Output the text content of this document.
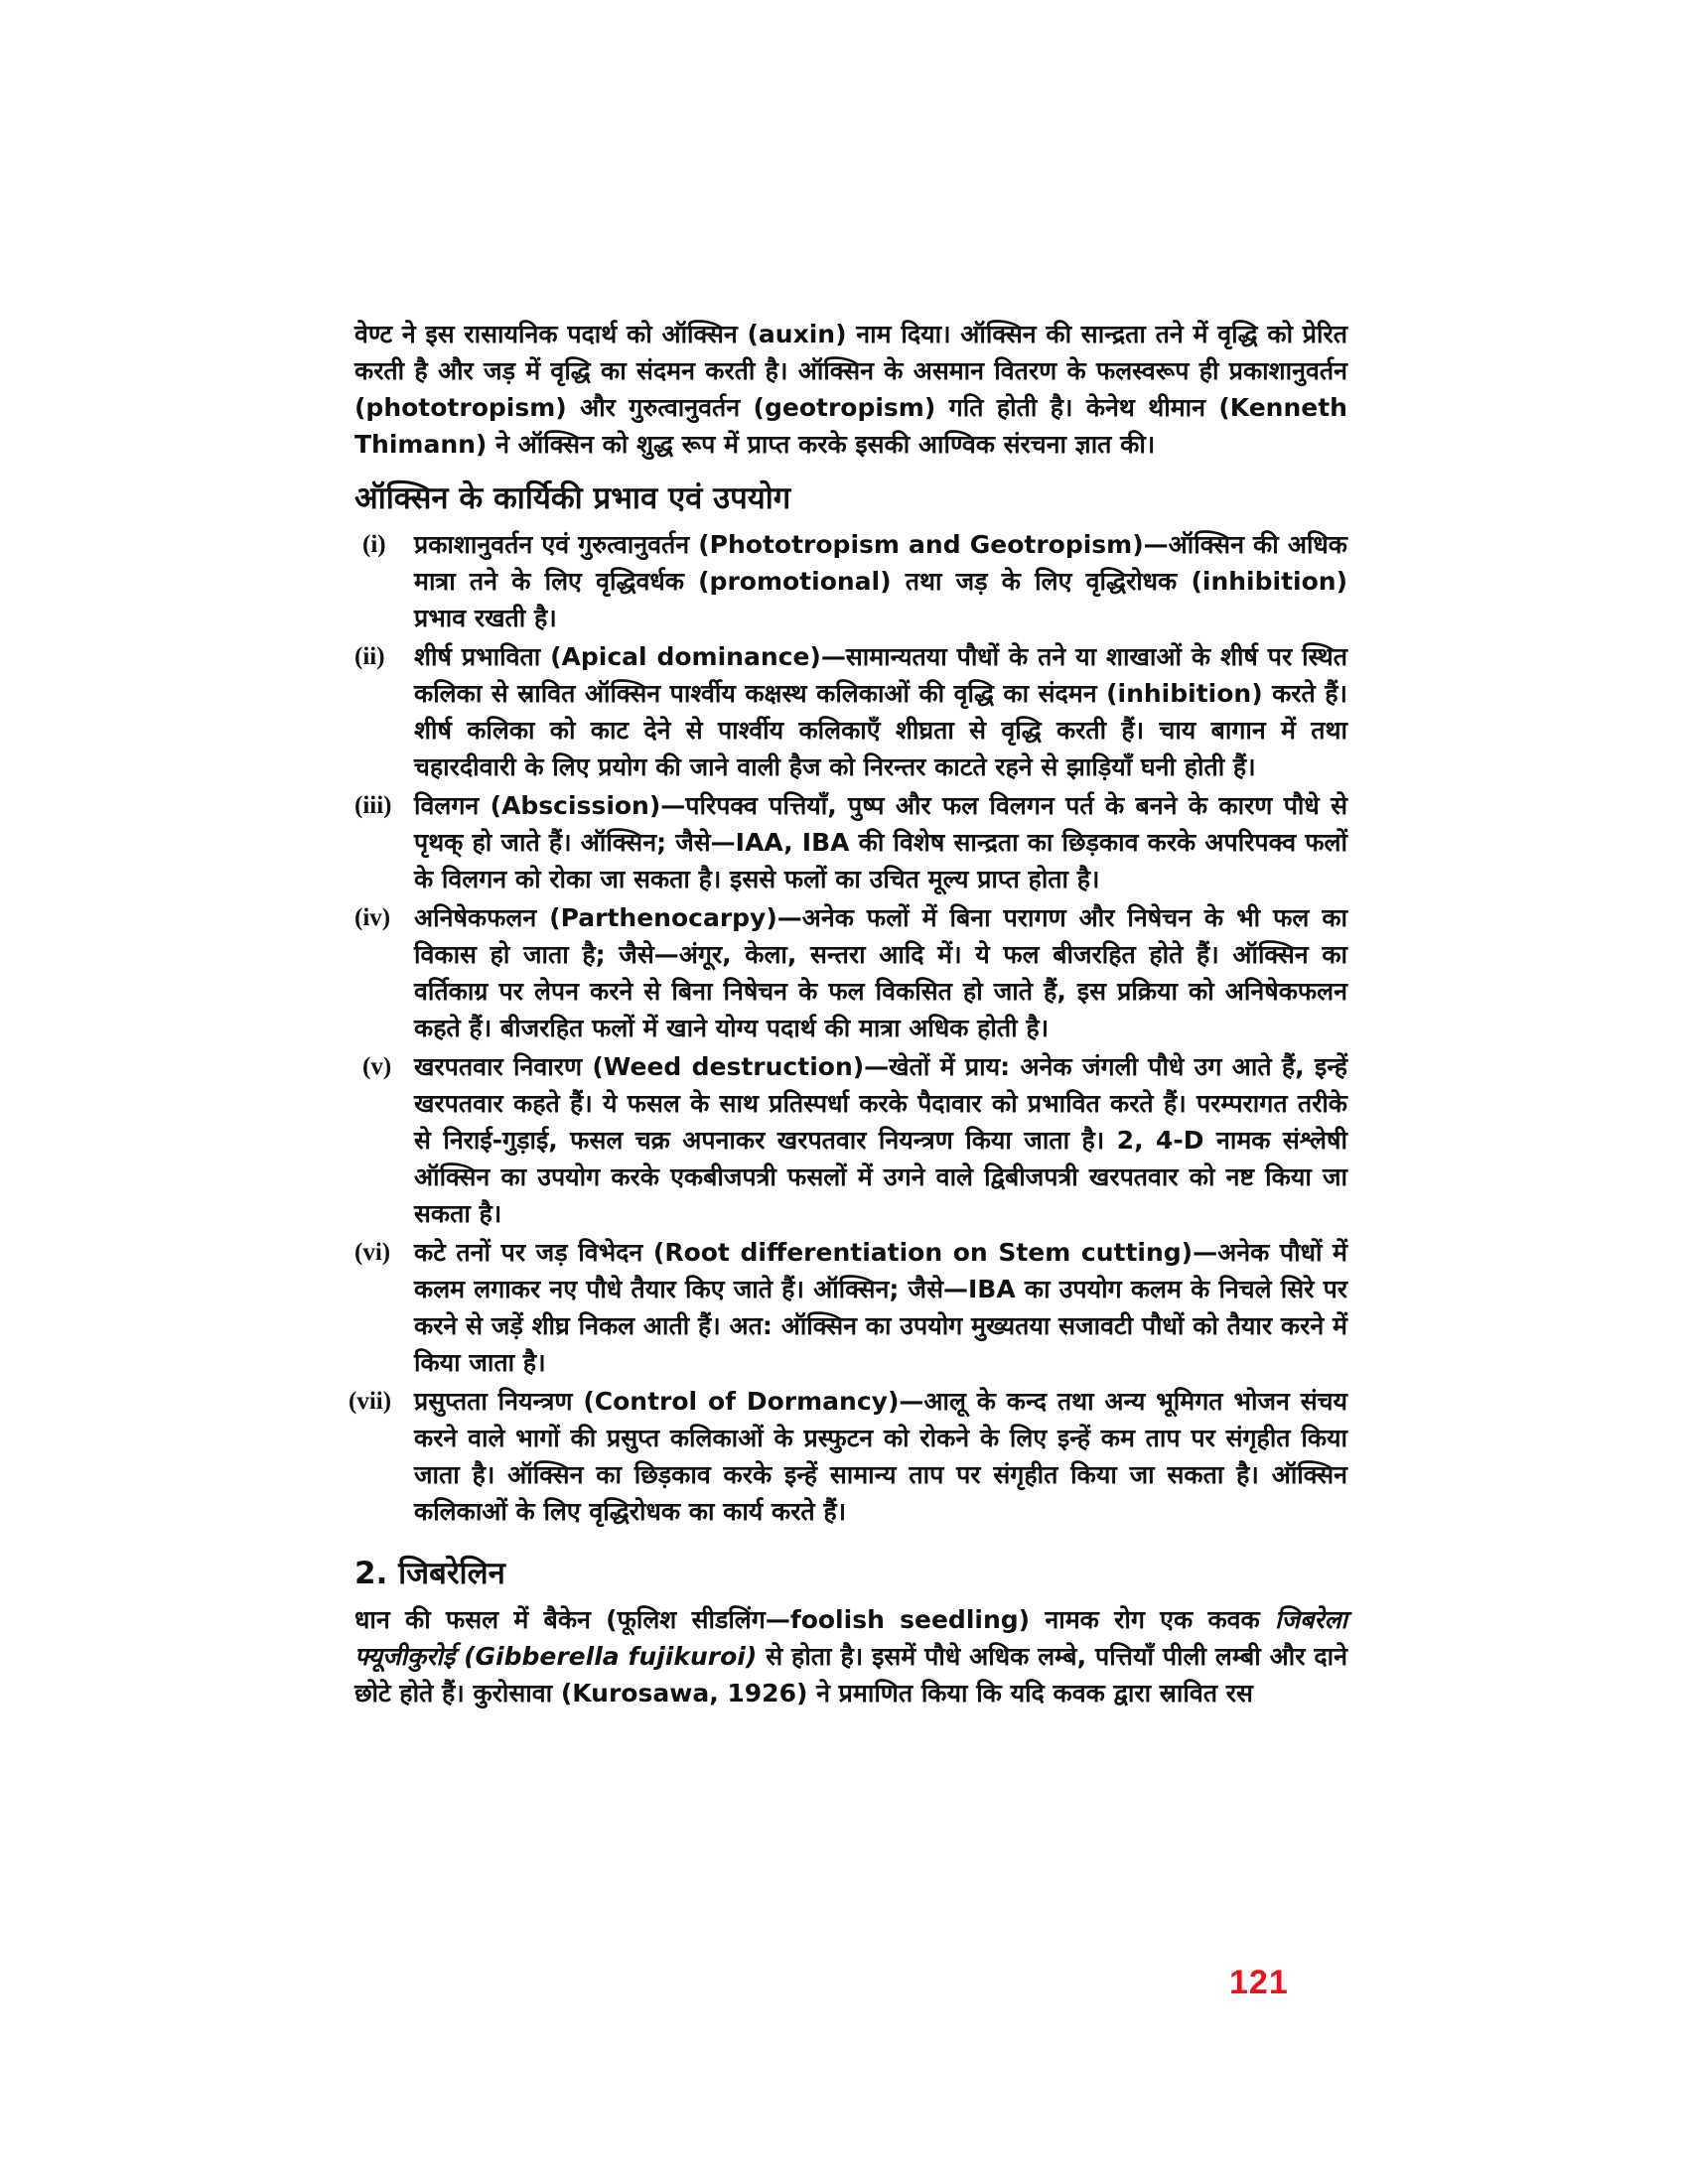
वेण्ट ने इस रासायनिक पदार्थ को ऑक्सिन (auxin) नाम दिया। ऑक्सिन की सान्द्रता तने में वृद्धि को प्रेरित करती है और जड़ में वृद्धि का संदमन करती है। ऑक्सिन के असमान वितरण के फलस्वरूप ही प्रकाशानुवर्तन (phototropism) और गुरुत्वानुवर्तन (geotropism) गति होती है। केनेथ थीमान (Kenneth Thimann) ने ऑक्सिन को शुद्ध रूप में प्राप्त करके इसकी आण्विक संरचना ज्ञात की।

ऑक्सिन के कार्यिकी प्रभाव एवं उपयोग
(i)	प्रकाशानुवर्तन एवं गुरुत्वानुवर्तन (Phototropism and Geotropism)—ऑक्सिन की अधिक मात्रा तने के लिए वृद्धिवर्धक (promotional) तथा जड़ के लिए वृद्धिरोधक (inhibition) प्रभाव रखती है।
(ii)	शीर्ष प्रभाविता (Apical dominance)—सामान्यतया पौधों के तने या शाखाओं के शीर्ष पर स्थित कलिका से स्रावित ऑक्सिन पार्श्वीय कक्षस्थ कलिकाओं की वृद्धि का संदमन (inhibition) करते हैं। शीर्ष कलिका को काट देने से पार्श्वीय कलिकाएँ शीघ्रता से वृद्धि करती हैं। चाय बागान में तथा चहारदीवारी के लिए प्रयोग की जाने वाली हैज को निरन्तर काटते रहने से झाड़ियाँ घनी होती हैं।
(iii) विलगन (Abscission)—परिपक्व पत्तियाँ, पुष्प और फल विलगन पर्त के बनने के कारण पौधे से पृथक् हो जाते हैं। ऑक्सिन; जैसे—IAA, IBA की विशेष सान्द्रता का छिड़काव करके अपरिपक्व फलों के विलगन को रोका जा सकता है। इससे फलों का उचित मूल्य प्राप्त होता है।
(iv) अनिषेकफलन (Parthenocarpy)—अनेक फलों में बिना परागण और निषेचन के भी फल का विकास हो जाता है; जैसे—अंगूर, केला, सन्तरा आदि में। ये फल बीजरहित होते हैं। ऑक्सिन का वर्तिकाग्र पर लेपन करने से बिना निषेचन के फल विकसित हो जाते हैं, इस प्रक्रिया को अनिषेकफलन कहते हैं। बीजरहित फलों में खाने योग्य पदार्थ की मात्रा अधिक होती है।
(v) खरपतवार निवारण (Weed destruction)—खेतों में प्राय: अनेक जंगली पौधे उग आते हैं, इन्हें खरपतवार कहते हैं। ये फसल के साथ प्रतिस्पर्धा करके पैदावार को प्रभावित करते हैं। परम्परागत तरीके से निराई-गुड़ाई, फसल चक्र अपनाकर खरपतवार नियन्त्रण किया जाता है। 2, 4-D नामक संश्लेषी ऑक्सिन का उपयोग करके एकबीजपत्री फसलों में उगने वाले द्विबीजपत्री खरपतवार को नष्ट किया जा सकता है।
(vi) कटे तनों पर जड़ विभेदन (Root differentiation on Stem cutting)—अनेक पौधों में कलम लगाकर नए पौधे तैयार किए जाते हैं। ऑक्सिन; जैसे—IBA का उपयोग कलम के निचले सिरे पर करने से जड़ें शीघ्र निकल आती हैं। अत: ऑक्सिन का उपयोग मुख्यतया सजावटी पौधों को तैयार करने में किया जाता है।
(vii) प्रसुप्तता नियन्त्रण (Control of Dormancy)—आलू के कन्द तथा अन्य भूमिगत भोजन संचय करने वाले भागों की प्रसुप्त कलिकाओं के प्रस्फुटन को रोकने के लिए इन्हें कम ताप पर संगृहीत किया जाता है। ऑक्सिन का छिड़काव करके इन्हें सामान्य ताप पर संगृहीत किया जा सकता है। ऑक्सिन कलिकाओं के लिए वृद्धिरोधक का कार्य करते हैं।
2. जिबरेलिन

धान की फसल में बैकेन (फूलिश सीडलिंग—foolish seedling) नामक रोग एक कवक जिबरेला फ्यूजीकुरोई (Gibberella fujikuroi) से होता है। इसमें पौधे अधिक लम्बे, पत्तियाँ पीली लम्बी और दाने छोटे होते हैं। कुरोसावा (Kurosawa, 1926) ने प्रमाणित किया कि यदि कवक द्वारा स्रावित रस

121
